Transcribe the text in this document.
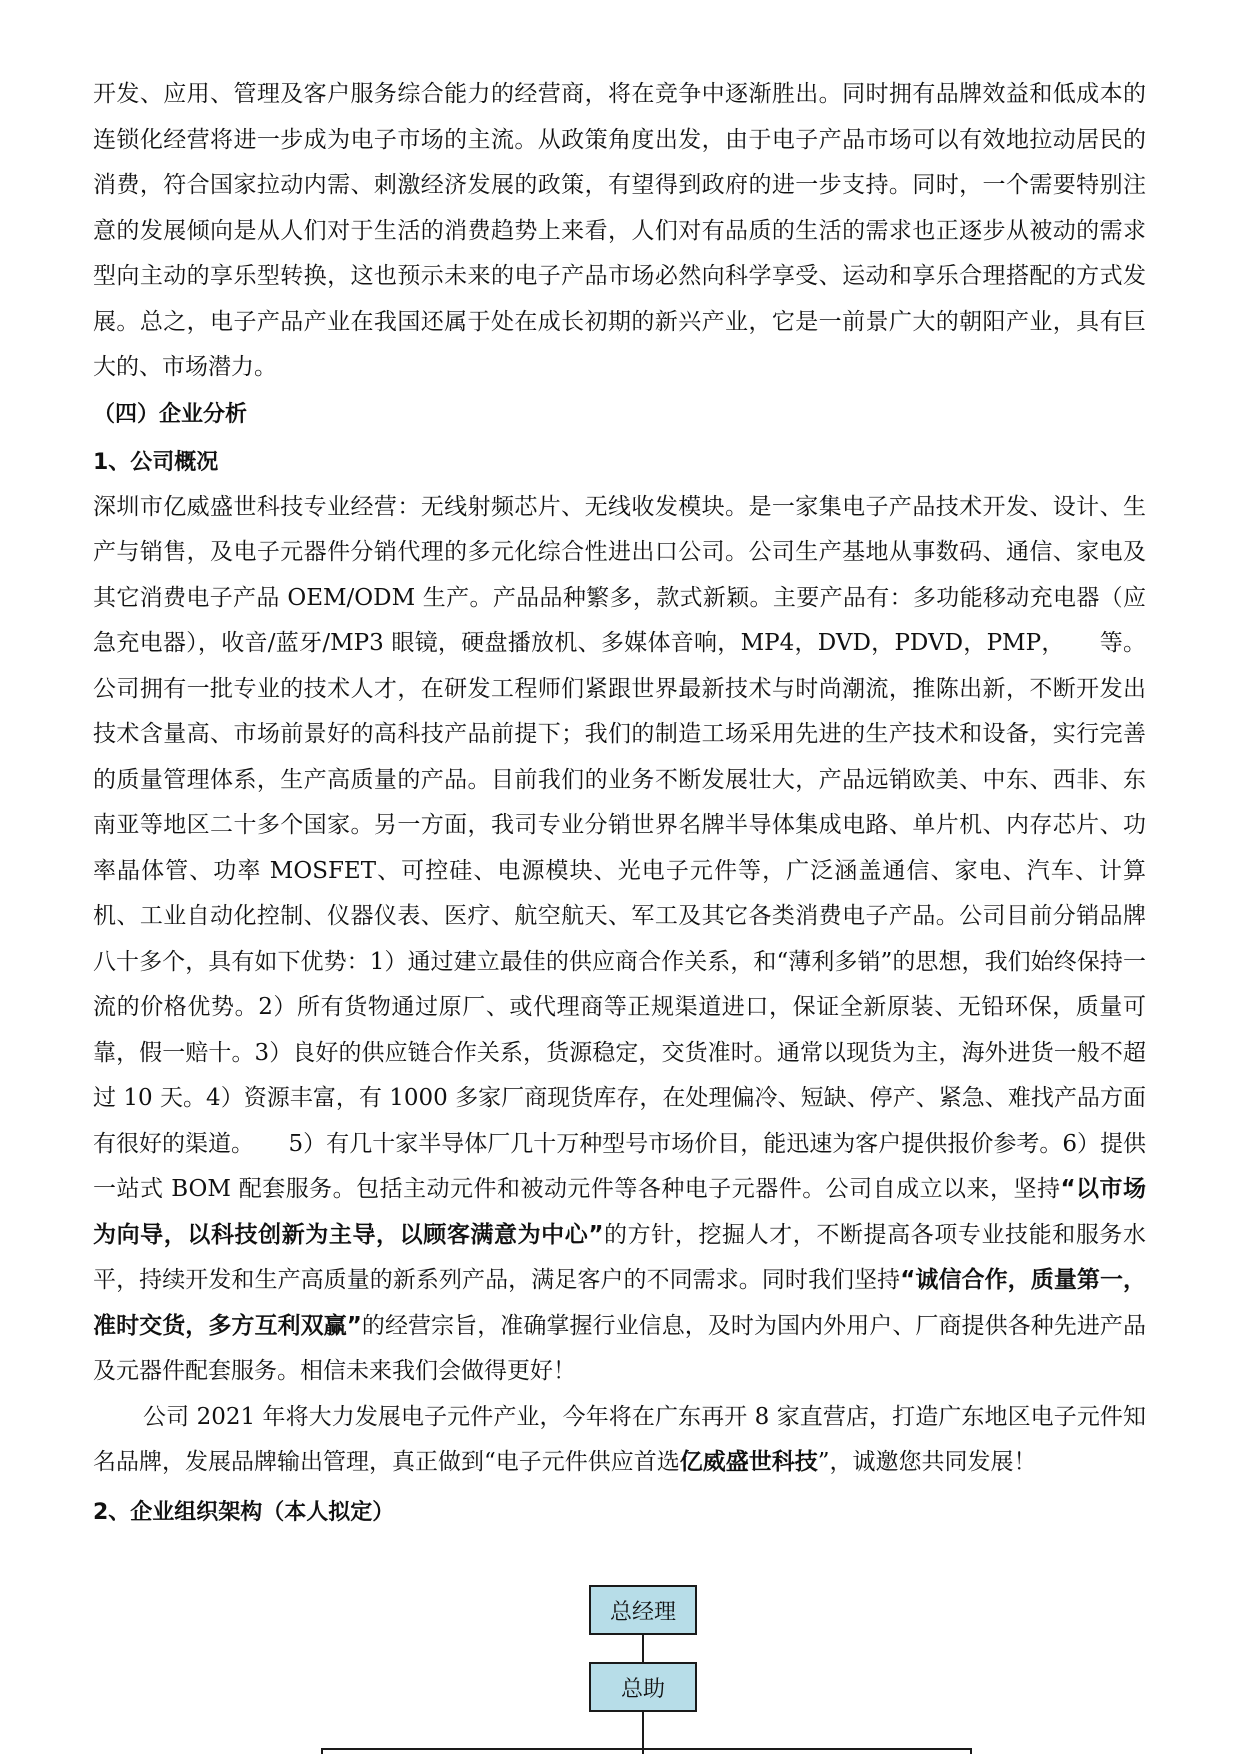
开发、应用、管理及客户服务综合能力的经营商，将在竞争中逐渐胜出。同时拥有品牌效益和低成本的连锁化经营将进一步成为电子市场的主流。从政策角度出发，由于电子产品市场可以有效地拉动居民的消费，符合国家拉动内需、刺激经济发展的政策，有望得到政府的进一步支持。同时，一个需要特别注意的发展倾向是从人们对于生活的消费趋势上来看，人们对有品质的生活的需求也正逐步从被动的需求型向主动的享乐型转换，这也预示未来的电子产品市场必然向科学享受、运动和享乐合理搭配的方式发展。总之，电子产品产业在我国还属于处在成长初期的新兴产业，它是一前景广大的朝阳产业，具有巨大的、市场潜力。

（四）企业分析

1、公司概况

深圳市亿威盛世科技专业经营：无线射频芯片、无线收发模块。是一家集电子产品技术开发、设计、生产与销售，及电子元器件分销代理的多元化综合性进出口公司。公司生产基地从事数码、通信、家电及其它消费电子产品 OEM/ODM 生产。产品品种繁多，款式新颖。主要产品有：多功能移动充电器（应急充电器），收音/蓝牙/MP3 眼镜，硬盘播放机、多媒体音响，MP4，DVD，PDVD，PMP，　　等。公司拥有一批专业的技术人才，在研发工程师们紧跟世界最新技术与时尚潮流，推陈出新，不断开发出技术含量高、市场前景好的高科技产品前提下；我们的制造工场采用先进的生产技术和设备，实行完善的质量管理体系，生产高质量的产品。目前我们的业务不断发展壮大，产品远销欧美、中东、西非、东南亚等地区二十多个国家。另一方面，我司专业分销世界名牌半导体集成电路、单片机、内存芯片、功率晶体管、功率 MOSFET、可控硅、电源模块、光电子元件等，广泛涵盖通信、家电、汽车、计算机、工业自动化控制、仪器仪表、医疗、航空航天、军工及其它各类消费电子产品。公司目前分销品牌八十多个，具有如下优势：1）通过建立最佳的供应商合作关系，和“薄利多销”的思想，我们始终保持一流的价格优势。2）所有货物通过原厂、或代理商等正规渠道进口，保证全新原装、无铅环保，质量可靠，假一赔十。3）良好的供应链合作关系，货源稳定，交货准时。通常以现货为主，海外进货一般不超过 10 天。4）资源丰富，有 1000 多家厂商现货库存，在处理偏冷、短缺、停产、紧急、难找产品方面有很好的渠道。　　5）有几十家半导体厂几十万种型号市场价目，能迅速为客户提供报价参考。6）提供一站式 BOM 配套服务。包括主动元件和被动元件等各种电子元器件。公司自成立以来，坚持“以市场为向导，以科技创新为主导，以顾客满意为中心”的方针，挖掘人才，不断提高各项专业技能和服务水平，持续开发和生产高质量的新系列产品，满足客户的不同需求。同时我们坚持“诚信合作，质量第一，准时交货，多方互利双赢”的经营宗旨，准确掌握行业信息，及时为国内外用户、厂商提供各种先进产品及元器件配套服务。相信未来我们会做得更好！

公司 2021 年将大力发展电子元件产业，今年将在广东再开 8 家直营店，打造广东地区电子元件知名品牌，发展品牌输出管理，真正做到“电子元件供应首选亿威盛世科技”，诚邀您共同发展！

2、企业组织架构（本人拟定）

总经理
总助
